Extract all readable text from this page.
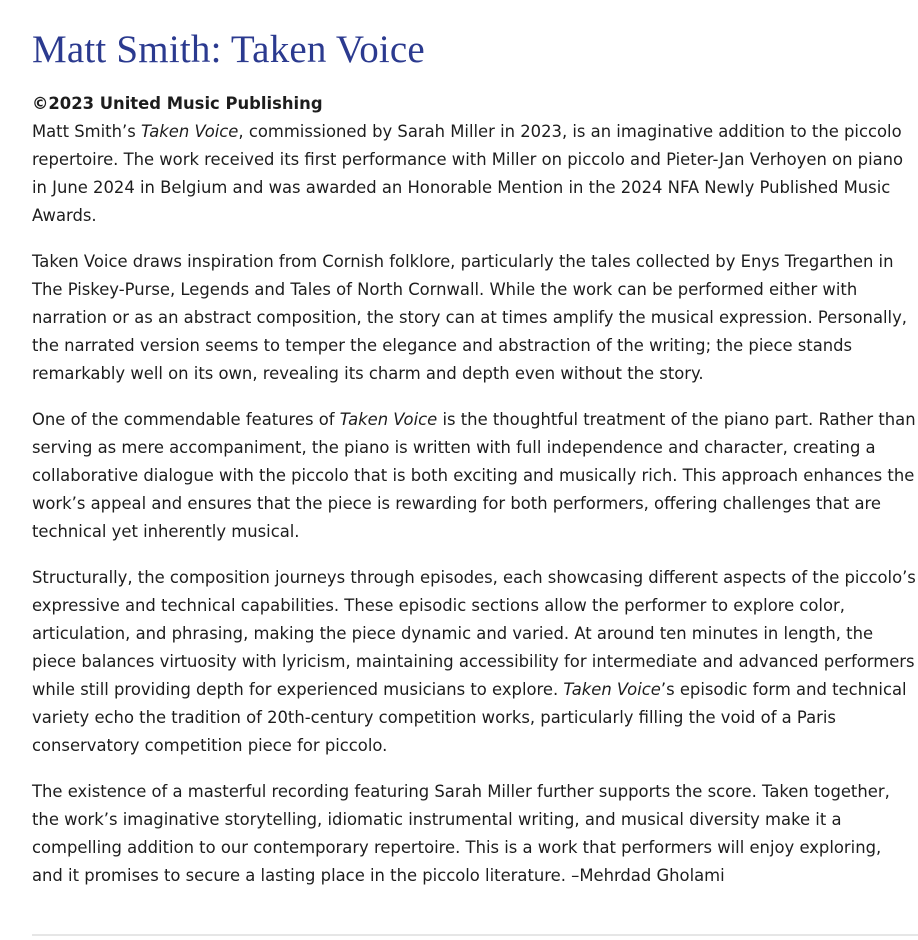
Matt Smith: Taken Voice

©2023 United Music Publishing
Matt Smith’s Taken Voice, commissioned by Sarah Miller in 2023, is an imaginative addition to the piccolo repertoire. The work received its first performance with Miller on piccolo and Pieter-Jan Verhoyen on piano in June 2024 in Belgium and was awarded an Honorable Mention in the 2024 NFA Newly Published Music Awards.

Taken Voice draws inspiration from Cornish folklore, particularly the tales collected by Enys Tregarthen in The Piskey-Purse, Legends and Tales of North Cornwall. While the work can be performed either with narration or as an abstract composition, the story can at times amplify the musical expression. Personally, the narrated version seems to temper the elegance and abstraction of the writing; the piece stands remarkably well on its own, revealing its charm and depth even without the story.

One of the commendable features of Taken Voice is the thoughtful treatment of the piano part. Rather than serving as mere accompaniment, the piano is written with full independence and character, creating a collaborative dialogue with the piccolo that is both exciting and musically rich. This approach enhances the work’s appeal and ensures that the piece is rewarding for both performers, offering challenges that are technical yet inherently musical.

Structurally, the composition journeys through episodes, each showcasing different aspects of the piccolo’s expressive and technical capabilities. These episodic sections allow the performer to explore color, articulation, and phrasing, making the piece dynamic and varied. At around ten minutes in length, the piece balances virtuosity with lyricism, maintaining accessibility for intermediate and advanced performers while still providing depth for experienced musicians to explore. Taken Voice’s episodic form and technical variety echo the tradition of 20th-century competition works, particularly filling the void of a Paris conservatory competition piece for piccolo.

The existence of a masterful recording featuring Sarah Miller further supports the score. Taken together, the work’s imaginative storytelling, idiomatic instrumental writing, and musical diversity make it a compelling addition to our contemporary repertoire. This is a work that performers will enjoy exploring, and it promises to secure a lasting place in the piccolo literature. –Mehrdad Gholami
